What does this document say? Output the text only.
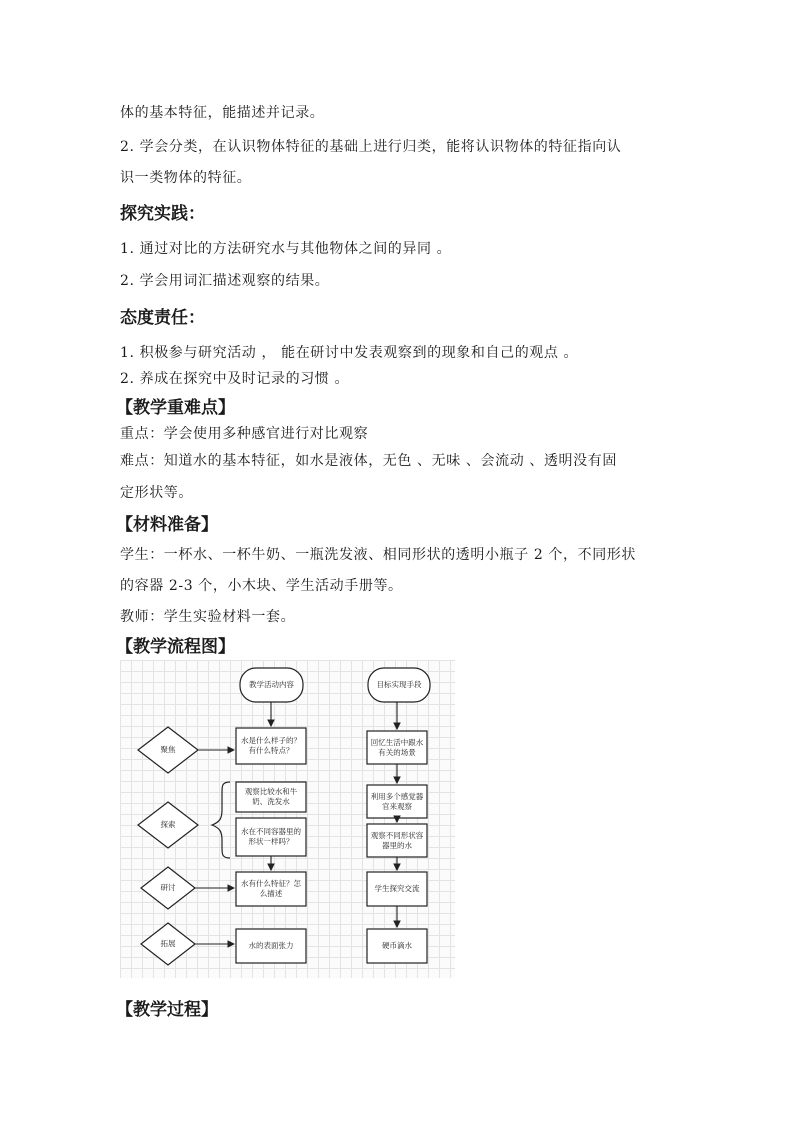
体的基本特征，能描述并记录。
2. 学会分类，在认识物体特征的基础上进行归类，能将认识物体的特征指向认
识一类物体的特征。
探究实践：
1. 通过对比的方法研究水与其他物体之间的异同 。
2. 学会用词汇描述观察的结果。
态度责任：
1. 积极参与研究活动 ， 能在研讨中发表观察到的现象和自己的观点 。
2. 养成在探究中及时记录的习惯 。
【教学重难点】
重点：学会使用多种感官进行对比观察
难点：知道水的基本特征，如水是液体，无色 、无味 、会流动 、透明没有固
定形状等。
【材料准备】
学生：一杯水、一杯牛奶、一瓶洗发液、相同形状的透明小瓶子 2 个，不同形状
的容器 2-3 个，小木块、学生活动手册等。
教师：学生实验材料一套。
【教学流程图】
教学活动内容	目标实现手段
聚焦
探索
研讨
拓展
水是什么样子的？有什么特点？
观察比较水和牛奶、洗发水
水在不同容器里的形状一样吗？
水有什么特征？怎么描述
水的表面张力
回忆生活中跟水有关的场景
利用多个感觉器官来观察
观察不同形状容器里的水
学生探究交流
硬币滴水
【教学过程】
